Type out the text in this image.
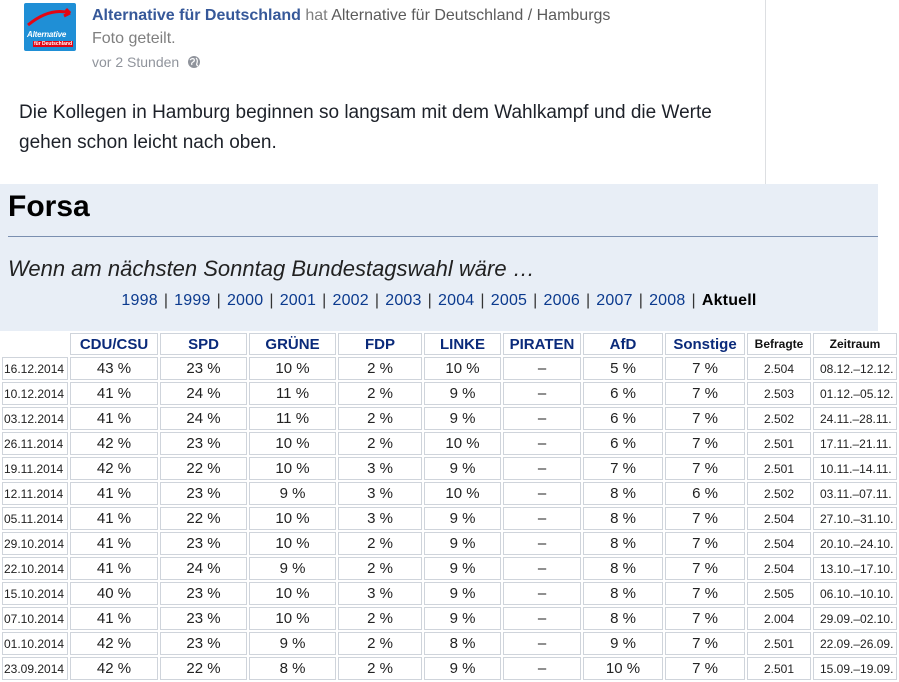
Alternative
für Deutschland
Alternative für Deutschland hat Alternative für Deutschland / Hamburgs
Foto geteilt.
vor 2 Stunden
Die Kollegen in Hamburg beginnen so langsam mit dem Wahlkampf und die Werte gehen schon leicht nach oben.
Forsa
Wenn am nächsten Sonntag Bundestagswahl wäre …
1998 | 1999 | 2000 | 2001 | 2002 | 2003 | 2004 | 2005 | 2006 | 2007 | 2008 | Aktuell
	CDU/CSU	SPD	GRÜNE	FDP	LINKE	PIRATEN	AfD	Sonstige	Befragte	Zeitraum
16.12.2014	43 %	23 %	10 %	2 %	10 %	–	5 %	7 %	2.504	08.12.–12.12.
10.12.2014	41 %	24 %	11 %	2 %	9 %	–	6 %	7 %	2.503	01.12.–05.12.
03.12.2014	41 %	24 %	11 %	2 %	9 %	–	6 %	7 %	2.502	24.11.–28.11.
26.11.2014	42 %	23 %	10 %	2 %	10 %	–	6 %	7 %	2.501	17.11.–21.11.
19.11.2014	42 %	22 %	10 %	3 %	9 %	–	7 %	7 %	2.501	10.11.–14.11.
12.11.2014	41 %	23 %	9 %	3 %	10 %	–	8 %	6 %	2.502	03.11.–07.11.
05.11.2014	41 %	22 %	10 %	3 %	9 %	–	8 %	7 %	2.504	27.10.–31.10.
29.10.2014	41 %	23 %	10 %	2 %	9 %	–	8 %	7 %	2.504	20.10.–24.10.
22.10.2014	41 %	24 %	9 %	2 %	9 %	–	8 %	7 %	2.504	13.10.–17.10.
15.10.2014	40 %	23 %	10 %	3 %	9 %	–	8 %	7 %	2.505	06.10.–10.10.
07.10.2014	41 %	23 %	10 %	2 %	9 %	–	8 %	7 %	2.004	29.09.–02.10.
01.10.2014	42 %	23 %	9 %	2 %	8 %	–	9 %	7 %	2.501	22.09.–26.09.
23.09.2014	42 %	22 %	8 %	2 %	9 %	–	10 %	7 %	2.501	15.09.–19.09.
